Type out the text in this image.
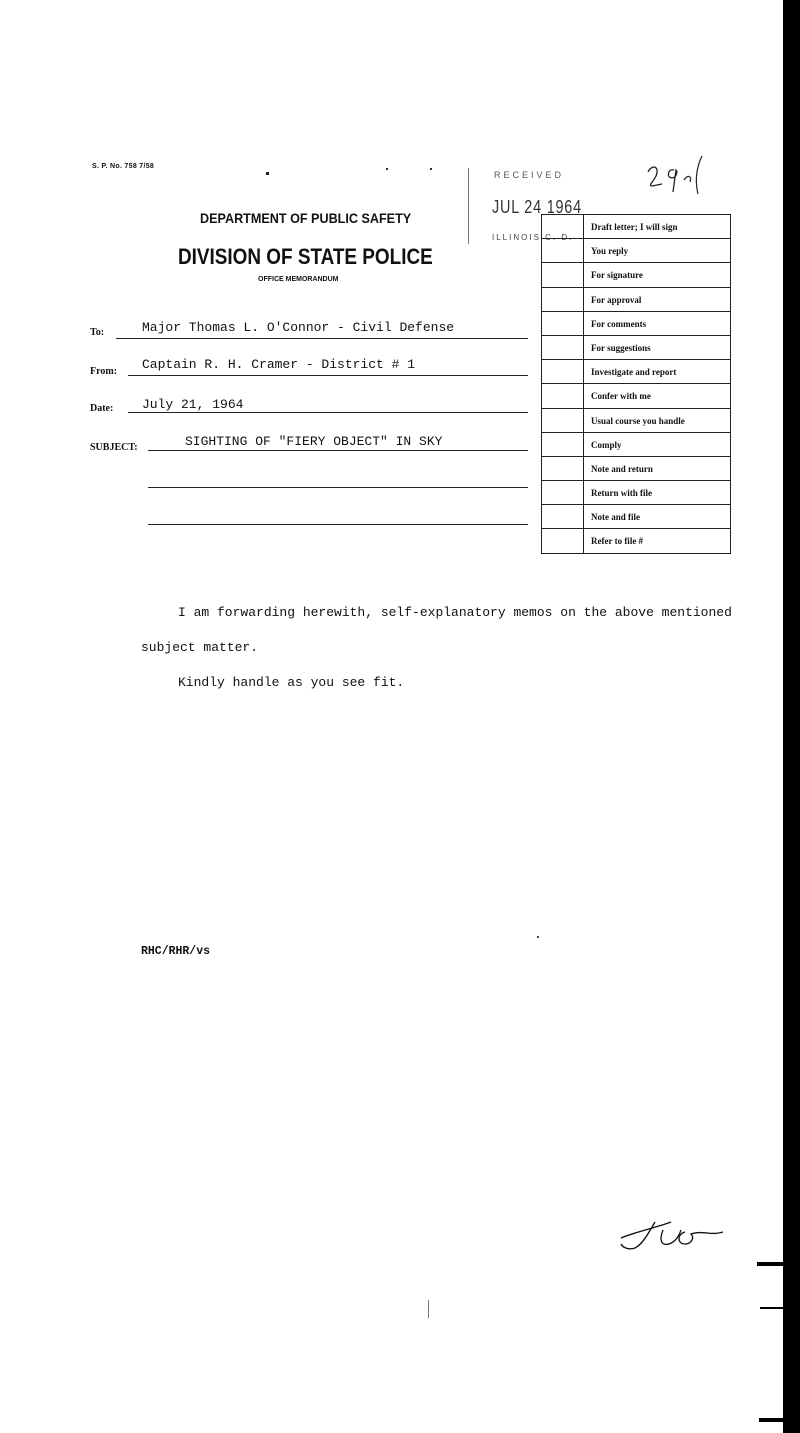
S. P. No. 758 7/58
DEPARTMENT OF PUBLIC SAFETY
DIVISION OF STATE POLICE
OFFICE MEMORANDUM
RECEIVED
JUL 24 1964
ILLINOIS C. D.
Draft letter; I will sign
You reply
For signature
For approval
For comments
For suggestions
Investigate and report
Confer with me
Usual course you handle
Comply
Note and return
Return with file
Note and file
Refer to file #
To:	Major Thomas L. O'Connor - Civil Defense
From: Captain R. H. Cramer - District # 1
Date: July 21, 1964
SUBJECT:	SIGHTING OF "FIERY OBJECT" IN SKY
I am forwarding herewith, self-explanatory memos on the above mentioned
subject matter.
Kindly handle as you see fit.
RHC/RHR/vs
